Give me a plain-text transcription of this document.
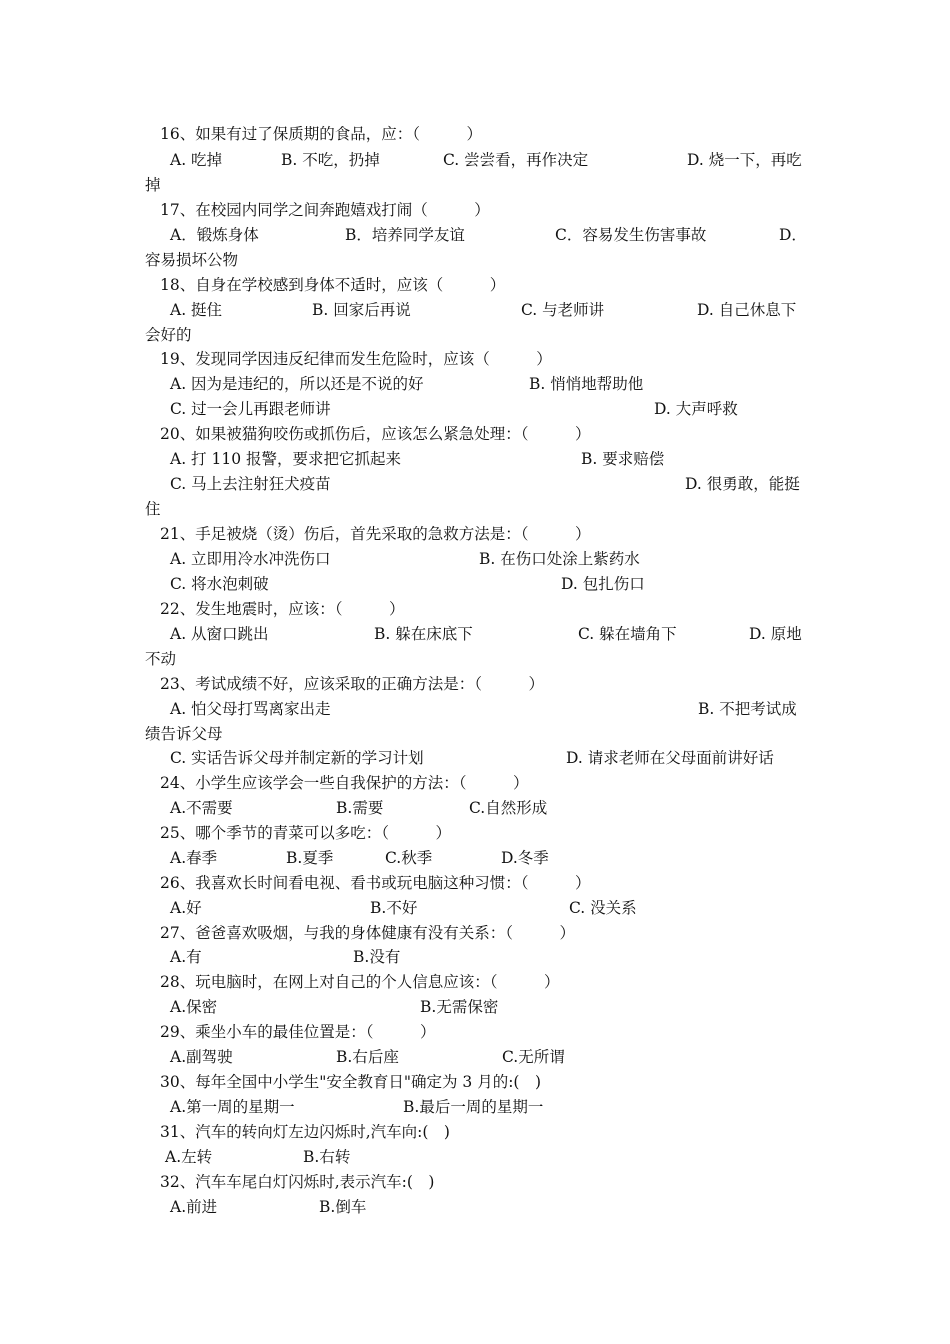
16、如果有过了保质期的食品，应：（　　　）
A. 吃掉	B. 不吃，扔掉	C. 尝尝看，再作决定	D. 烧一下，再吃
掉
17、在校园内同学之间奔跑嬉戏打闹（　　　）
A．锻炼身体	B．培养同学友谊	C．容易发生伤害事故	D．
容易损坏公物
18、自身在学校感到身体不适时，应该（　　　）
A. 挺住	B. 回家后再说	C. 与老师讲	D. 自己休息下
会好的
19、发现同学因违反纪律而发生危险时，应该（　　　）
A. 因为是违纪的，所以还是不说的好	B. 悄悄地帮助他
C. 过一会儿再跟老师讲	D. 大声呼救
20、如果被猫狗咬伤或抓伤后，应该怎么紧急处理：（　　　）
A. 打 110 报警，要求把它抓起来	B. 要求赔偿
C. 马上去注射狂犬疫苗	D. 很勇敢，能挺
住
21、手足被烧（烫）伤后，首先采取的急救方法是：（　　　）
A. 立即用冷水冲洗伤口	B. 在伤口处涂上紫药水
C. 将水泡刺破	D. 包扎伤口
22、发生地震时，应该：（　　　）
A. 从窗口跳出	B. 躲在床底下	C. 躲在墙角下	D. 原地
不动
23、考试成绩不好，应该采取的正确方法是：（　　　）
A. 怕父母打骂离家出走	B. 不把考试成
绩告诉父母
C. 实话告诉父母并制定新的学习计划	D. 请求老师在父母面前讲好话
24、小学生应该学会一些自我保护的方法：（　　　）
A.不需要	B.需要	C.自然形成
25、哪个季节的青菜可以多吃：（　　　）
A.春季	B.夏季	C.秋季	D.冬季
26、我喜欢长时间看电视、看书或玩电脑这种习惯：（　　　）
A.好	B.不好	C. 没关系
27、爸爸喜欢吸烟，与我的身体健康有没有关系：（　　　）
A.有	B.没有
28、玩电脑时，在网上对自己的个人信息应该：（　　　）
A.保密	B.无需保密
29、乘坐小车的最佳位置是：（　　　）
A.副驾驶	B.右后座	C.无所谓
30、每年全国中小学生"安全教育日"确定为 3 月的:(　)
A.第一周的星期一	B.最后一周的星期一
31、汽车的转向灯左边闪烁时,汽车向:(　)
A.左转	B.右转
32、汽车车尾白灯闪烁时,表示汽车:(　)
A.前进	B.倒车
